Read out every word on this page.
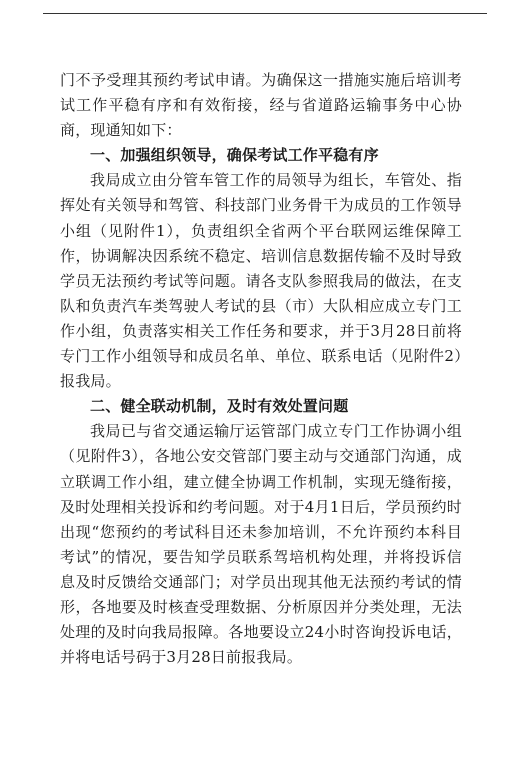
门不予受理其预约考试申请。为确保这一措施实施后培训考试工作平稳有序和有效衔接，经与省道路运输事务中心协商，现通知如下：

一、加强组织领导，确保考试工作平稳有序

我局成立由分管车管工作的局领导为组长，车管处、指挥处有关领导和驾管、科技部门业务骨干为成员的工作领导小组（见附件1），负责组织全省两个平台联网运维保障工作，协调解决因系统不稳定、培训信息数据传输不及时导致学员无法预约考试等问题。请各支队参照我局的做法，在支队和负责汽车类驾驶人考试的县（市）大队相应成立专门工作小组，负责落实相关工作任务和要求，并于3月28日前将专门工作小组领导和成员名单、单位、联系电话（见附件2）报我局。

二、健全联动机制，及时有效处置问题

我局已与省交通运输厅运管部门成立专门工作协调小组（见附件3），各地公安交管部门要主动与交通部门沟通，成立联调工作小组，建立健全协调工作机制，实现无缝衔接，及时处理相关投诉和约考问题。对于4月1日后，学员预约时出现“您预约的考试科目还未参加培训，不允许预约本科目考试”的情况，要告知学员联系驾培机构处理，并将投诉信息及时反馈给交通部门；对学员出现其他无法预约考试的情形，各地要及时核查受理数据、分析原因并分类处理，无法处理的及时向我局报障。各地要设立24小时咨询投诉电话，并将电话号码于3月28日前报我局。
